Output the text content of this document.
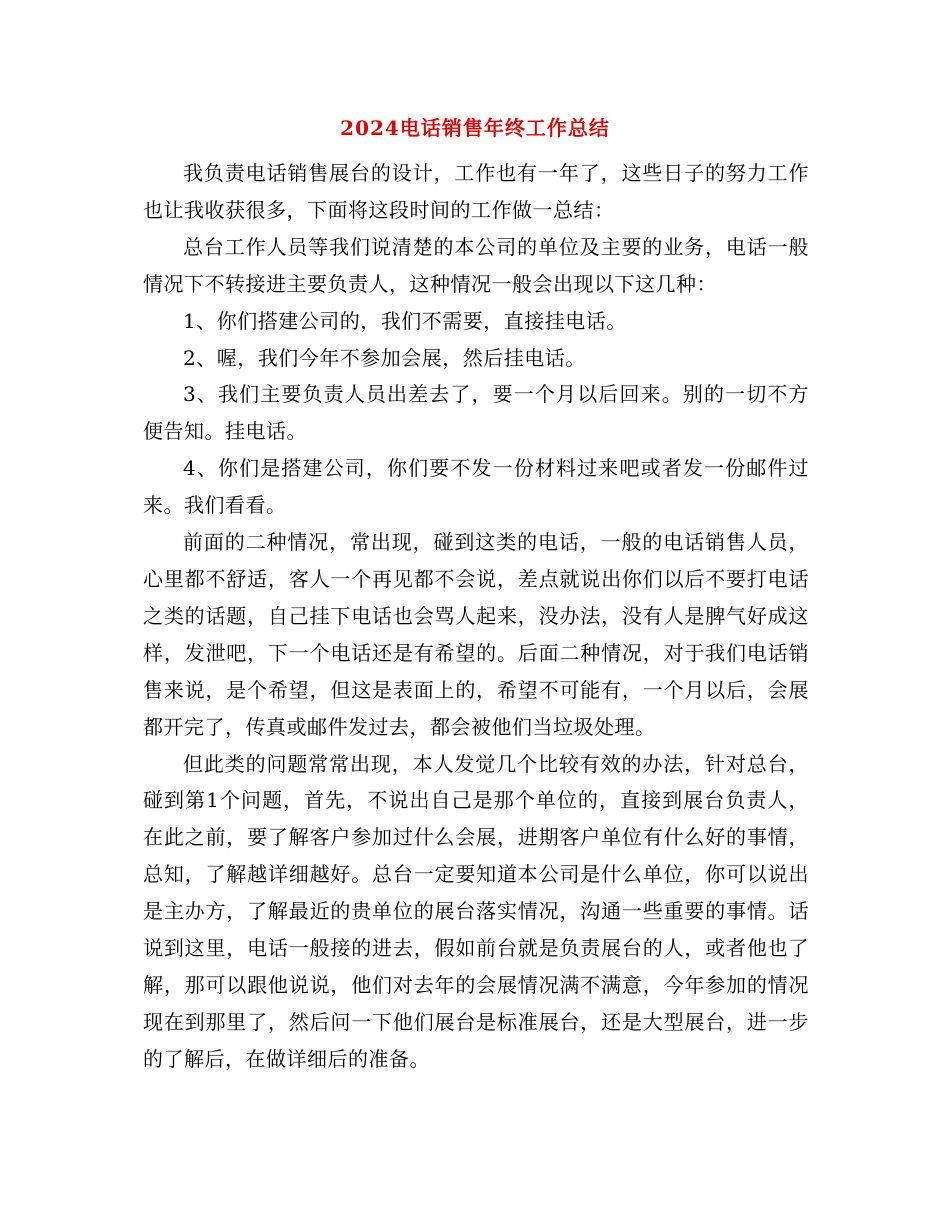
2024电话销售年终工作总结

我负责电话销售展台的设计，工作也有一年了，这些日子的努力工作也让我收获很多，下面将这段时间的工作做一总结：

总台工作人员等我们说清楚的本公司的单位及主要的业务，电话一般情况下不转接进主要负责人，这种情况一般会出现以下这几种：

1、你们搭建公司的，我们不需要，直接挂电话。

2、喔，我们今年不参加会展，然后挂电话。

3、我们主要负责人员出差去了，要一个月以后回来。别的一切不方便告知。挂电话。

4、你们是搭建公司，你们要不发一份材料过来吧或者发一份邮件过来。我们看看。

前面的二种情况，常出现，碰到这类的电话，一般的电话销售人员，心里都不舒适，客人一个再见都不会说，差点就说出你们以后不要打电话之类的话题，自己挂下电话也会骂人起来，没办法，没有人是脾气好成这样，发泄吧，下一个电话还是有希望的。后面二种情况，对于我们电话销售来说，是个希望，但这是表面上的，希望不可能有，一个月以后，会展都开完了，传真或邮件发过去，都会被他们当垃圾处理。

但此类的问题常常出现，本人发觉几个比较有效的办法，针对总台，碰到第1个问题，首先，不说出自己是那个单位的，直接到展台负责人，在此之前，要了解客户参加过什么会展，进期客户单位有什么好的事情，总知，了解越详细越好。总台一定要知道本公司是什么单位，你可以说出是主办方，了解最近的贵单位的展台落实情况，沟通一些重要的事情。话说到这里，电话一般接的进去，假如前台就是负责展台的人，或者他也了解，那可以跟他说说，他们对去年的会展情况满不满意，今年参加的情况现在到那里了，然后问一下他们展台是标准展台，还是大型展台，进一步的了解后，在做详细后的准备。
